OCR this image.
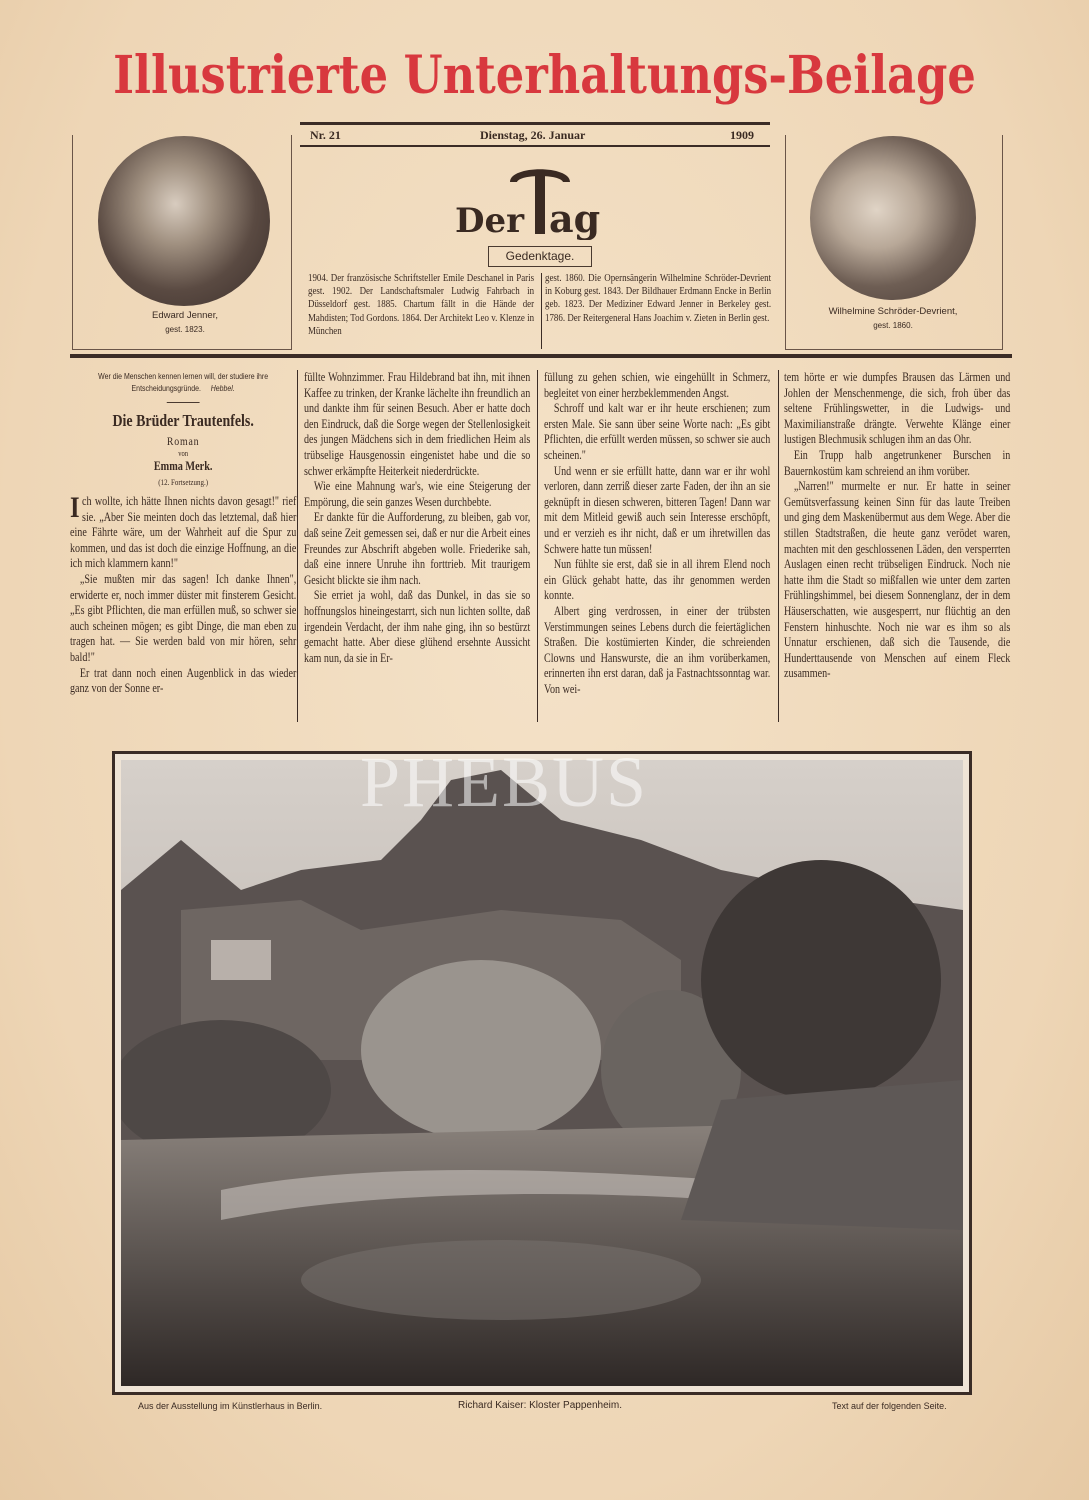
Illustrierte Unterhaltungs-Beilage
Nr. 21	Dienstag, 26. Januar	1909
Edward Jenner,
gest. 1823.
Wilhelmine Schröder-Devrient,
gest. 1860.
Der ag
Gedenktage.
1904. Der französische Schriftsteller Emile Deschanel in Paris gest. 1902. Der Landschaftsmaler Ludwig Fahrbach in Düsseldorf gest. 1885. Chartum fällt in die Hände der Mahdisten; Tod Gordons. 1864. Der Architekt Leo v. Klenze in München
gest. 1860. Die Opernsängerin Wilhelmine Schröder-Devrient in Koburg gest. 1843. Der Bildhauer Erdmann Encke in Berlin geb. 1823. Der Mediziner Edward Jenner in Berkeley gest. 1786. Der Reitergeneral Hans Joachim v. Zieten in Berlin gest.
Wer die Menschen kennen lernen will, der studiere ihre Entscheidungsgründe. Hebbel.
Die Brüder Trautenfels.
Roman
von
Emma Merk.
(12. Fortsetzung.)

Ich wollte, ich hätte Ihnen nichts davon gesagt!" rief sie. „Aber Sie meinten doch das letztemal, daß hier eine Fährte wäre, um der Wahrheit auf die Spur zu kommen, und das ist doch die einzige Hoffnung, an die ich mich klammern kann!"

„Sie mußten mir das sagen! Ich danke Ihnen", erwiderte er, noch immer düster mit finsterem Gesicht. „Es gibt Pflichten, die man erfüllen muß, so schwer sie auch scheinen mögen; es gibt Dinge, die man eben zu tragen hat. — Sie werden bald von mir hören, sehr bald!"

Er trat dann noch einen Augenblick in das wieder ganz von der Sonne er-

füllte Wohnzimmer. Frau Hildebrand bat ihn, mit ihnen Kaffee zu trinken, der Kranke lächelte ihn freundlich an und dankte ihm für seinen Besuch. Aber er hatte doch den Eindruck, daß die Sorge wegen der Stellenlosigkeit des jungen Mädchens sich in dem friedlichen Heim als trübselige Hausgenossin eingenistet habe und die so schwer erkämpfte Heiterkeit niederdrückte.

Wie eine Mahnung war's, wie eine Steigerung der Empörung, die sein ganzes Wesen durchbebte.

Er dankte für die Aufforderung, zu bleiben, gab vor, daß seine Zeit gemessen sei, daß er nur die Arbeit eines Freundes zur Abschrift abgeben wolle. Friederike sah, daß eine innere Unruhe ihn forttrieb. Mit traurigem Gesicht blickte sie ihm nach.

Sie erriet ja wohl, daß das Dunkel, in das sie so hoffnungslos hineingestarrt, sich nun lichten sollte, daß irgendein Verdacht, der ihm nahe ging, ihn so bestürzt gemacht hatte. Aber diese glühend ersehnte Aussicht kam nun, da sie in Er-

füllung zu gehen schien, wie eingehüllt in Schmerz, begleitet von einer herzbeklemmenden Angst.

Schroff und kalt war er ihr heute erschienen; zum ersten Male. Sie sann über seine Worte nach: „Es gibt Pflichten, die erfüllt werden müssen, so schwer sie auch scheinen."

Und wenn er sie erfüllt hatte, dann war er ihr wohl verloren, dann zerriß dieser zarte Faden, der ihn an sie geknüpft in diesen schweren, bitteren Tagen! Dann war mit dem Mitleid gewiß auch sein Interesse erschöpft, und er verzieh es ihr nicht, daß er um ihretwillen das Schwere hatte tun müssen!

Nun fühlte sie erst, daß sie in all ihrem Elend noch ein Glück gehabt hatte, das ihr genommen werden konnte.

Albert ging verdrossen, in einer der trübsten Verstimmungen seines Lebens durch die feiertäglichen Straßen. Die kostümierten Kinder, die schreienden Clowns und Hanswurste, die an ihm vorüberkamen, erinnerten ihn erst daran, daß ja Fastnachtssonntag war. Von wei-

tem hörte er wie dumpfes Brausen das Lärmen und Johlen der Menschenmenge, die sich, froh über das seltene Frühlingswetter, in die Ludwigs- und Maximilianstraße drängte. Verwehte Klänge einer lustigen Blechmusik schlugen ihm an das Ohr.

Ein Trupp halb angetrunkener Burschen in Bauernkostüm kam schreiend an ihm vorüber.

„Narren!" murmelte er nur. Er hatte in seiner Gemütsverfassung keinen Sinn für das laute Treiben und ging dem Maskenübermut aus dem Wege. Aber die stillen Stadtstraßen, die heute ganz verödet waren, machten mit den geschlossenen Läden, den versperrten Auslagen einen recht trübseligen Eindruck. Noch nie hatte ihm die Stadt so mißfallen wie unter dem zarten Frühlingshimmel, bei diesem Sonnenglanz, der in dem Häuserschatten, wie ausgesperrt, nur flüchtig an den Fenstern hinhuschte. Noch nie war es ihm so als Unnatur erschienen, daß sich die Tausende, die Hunderttausende von Menschen auf einem Fleck zusammen-

PHEBUS
Aus der Ausstellung im Künstlerhaus in Berlin.	Richard Kaiser: Kloster Pappenheim.	Text auf der folgenden Seite.
